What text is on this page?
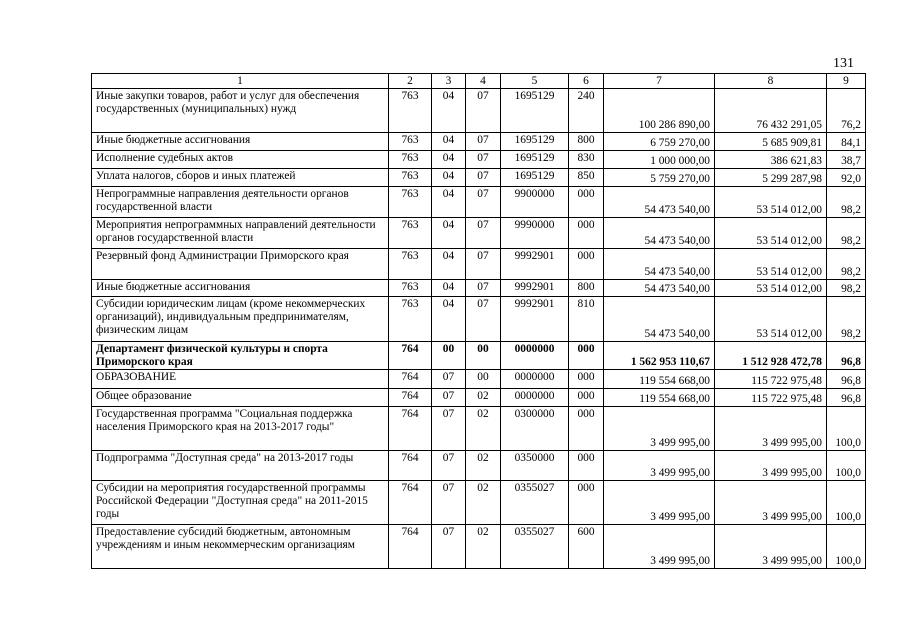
131
1	2	3	4	5	6	7	8	9
Иные закупки товаров, работ и услуг для обеспечения государственных (муниципальных) нужд	763	04	07	1695129	240	100 286 890,00	76 432 291,05	76,2
Иные бюджетные ассигнования	763	04	07	1695129	800	6 759 270,00	5 685 909,81	84,1
Исполнение судебных актов	763	04	07	1695129	830	1 000 000,00	386 621,83	38,7
Уплата налогов, сборов и иных платежей	763	04	07	1695129	850	5 759 270,00	5 299 287,98	92,0
Непрограммные направления деятельности органов государственной власти	763	04	07	9900000	000	54 473 540,00	53 514 012,00	98,2
Мероприятия непрограммных направлений деятельности органов государственной власти	763	04	07	9990000	000	54 473 540,00	53 514 012,00	98,2
Резервный фонд Администрации Приморского края	763	04	07	9992901	000	54 473 540,00	53 514 012,00	98,2
Иные бюджетные ассигнования	763	04	07	9992901	800	54 473 540,00	53 514 012,00	98,2
Субсидии юридическим лицам (кроме некоммерческих организаций), индивидуальным предпринимателям, физическим лицам	763	04	07	9992901	810	54 473 540,00	53 514 012,00	98,2
Департамент физической культуры и спорта Приморского края	764	00	00	0000000	000	1 562 953 110,67	1 512 928 472,78	96,8
ОБРАЗОВАНИЕ	764	07	00	0000000	000	119 554 668,00	115 722 975,48	96,8
Общее образование	764	07	02	0000000	000	119 554 668,00	115 722 975,48	96,8
Государственная программа "Социальная поддержка населения Приморского края на 2013-2017 годы"	764	07	02	0300000	000	3 499 995,00	3 499 995,00	100,0
Подпрограмма "Доступная среда" на 2013-2017 годы	764	07	02	0350000	000	3 499 995,00	3 499 995,00	100,0
Субсидии на мероприятия государственной программы Российской Федерации "Доступная среда" на 2011-2015 годы	764	07	02	0355027	000	3 499 995,00	3 499 995,00	100,0
Предоставление субсидий бюджетным, автономным учреждениям и иным некоммерческим организациям	764	07	02	0355027	600	3 499 995,00	3 499 995,00	100,0
